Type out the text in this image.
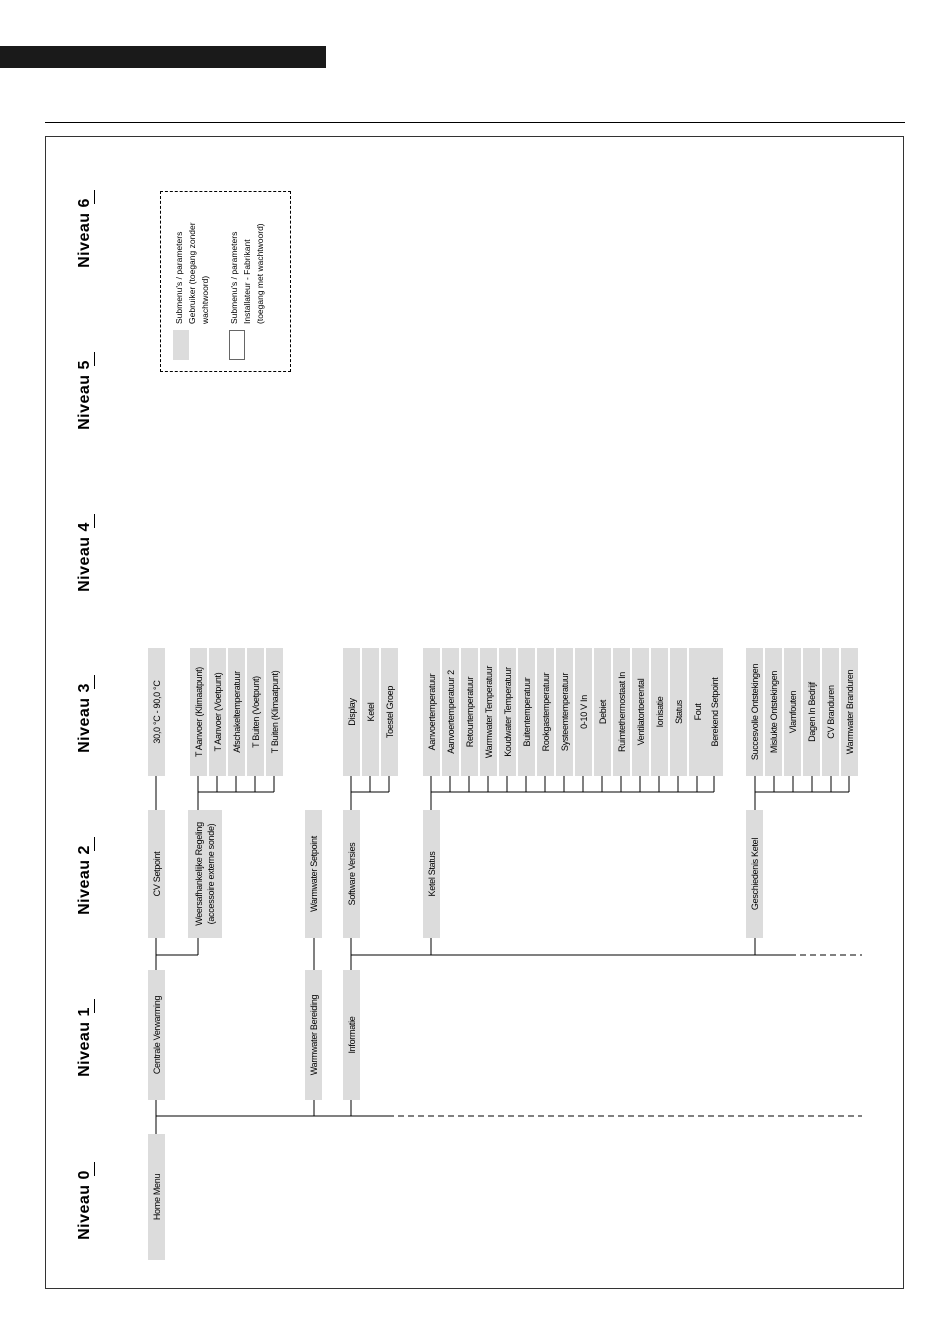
Niveau 0
Niveau 1
Niveau 2
Niveau 3
Niveau 4
Niveau 5
Niveau 6	Submenu's / parameters Gebruiker (toegang zonder wachtwoord) Submenu's / parameters Installateur - Fabrikant (toegang met wachtwoord)
Home Menu
Centrale Verwarming	Warmwater Bereiding	Informatie
CV Setpoint	Weersafhankelijke Regeling (accessoire externe sonde)	Warmwater Setpoint	Software Versies	Ketel Status	Geschiedenis Ketel
30,0 °C - 90,0 °C	T Aanvoer (Klimaatpunt) T Aanvoer (Voetpunt) Afschakeltemperatuur T Buiten (Voetpunt) T Buiten (Klimaatpunt)	Display Ketel Toestel Groep	Aanvoertemperatuur Aanvoertemperatuur 2 Retourtemperatuur Warmwater Temperatuur Koudwater Temperatuur Buitentemperatuur Rookgastemperatuur Systeemtemperatuur 0-10 V In Debiet Ruimtethermostaat In Ventilatortoerental Ionisatie Status Fout Berekend Setpoint	Succesvolle Ontstekingen Mislukte Ontstekingen Vlamfouten Dagen In Bedrijf CV Branduren Warmwater Branduren
